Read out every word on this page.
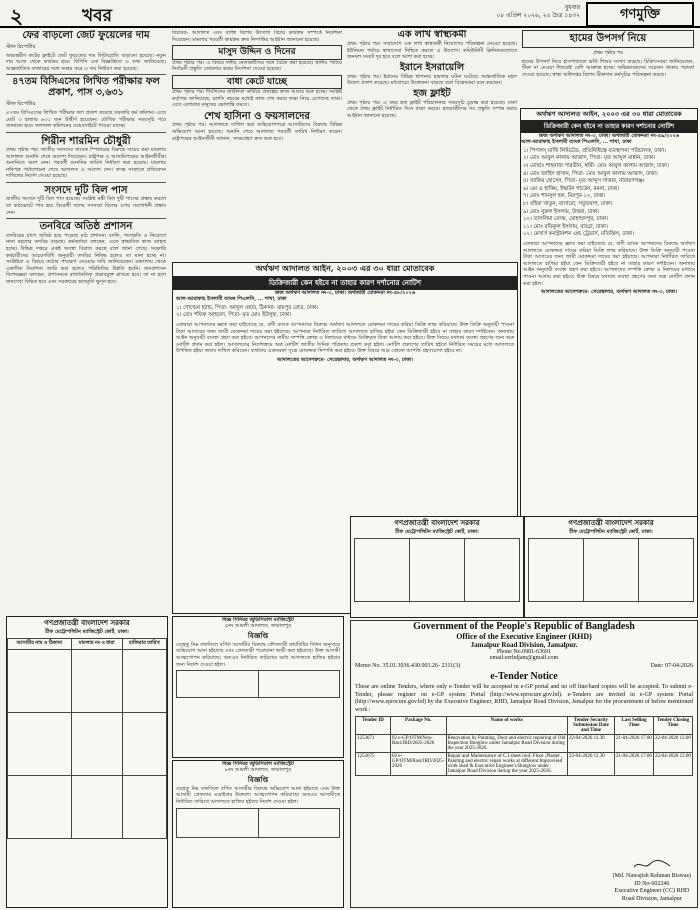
২	খবর	বুধবার
০৮ এপ্রিল ২০২৬, ২৫ চৈত্র ১৪৩২	গণমুক্তি
ফের বাড়লো জেট ফুয়েলের দাম
স্টাফ রিপোর্টার

অভ্যন্তরীণ রুটের ফ্লাইটে জেট ফুয়েলের দাম লিটারপ্রতি বাড়ানো হয়েছে। নতুন দাম আজ থেকে কার্যকর হবে। বিপিসি এক বিজ্ঞপ্তিতে এ তথ্য জানিয়েছে। আন্তর্জাতিক বাজারের সঙ্গে সমন্বয় করে এ দাম নির্ধারণ করা হয়েছে।

৪৭তম বিসিএসের লিখিত পরীক্ষার ফল প্রকাশ, পাস ৩,৬৩১
স্টাফ রিপোর্টার

৪৭তম বিসিএসের লিখিত পরীক্ষার ফল প্রকাশ করেছে সরকারি কর্ম কমিশন। এতে মোট ৩ হাজার ৬৩১ জন উত্তীর্ণ হয়েছেন। মৌখিক পরীক্ষার সময়সূচি পরে জানানো হবে। ফলাফল কমিশনের ওয়েবসাইটে পাওয়া যাচ্ছে।

শিরীন শারমিন চৌধুরী

প্রথম পৃষ্ঠার পর। জাতীয় সংসদের সাবেক স্পিকারের বিরুদ্ধে দায়ের করা মামলায় আদালত শুনানি শেষে আদেশ দিয়েছেন। রাষ্ট্রপক্ষ ও আসামিপক্ষের আইনজীবীরা শুনানিতে অংশ নেন। পরবর্তী শুনানির তারিখ নির্ধারণ করা হয়েছে। মামলার নথিপত্র পর্যালোচনা শেষে আদালত এ আদেশ দেন। তদন্ত সংস্থাকে প্রতিবেদন দাখিলের নির্দেশ দেওয়া হয়েছে।

সংসদে দুটি বিল পাস

জাতীয় সংসদে দুটি বিল পাস হয়েছে। সংশ্লিষ্ট মন্ত্রী বিল দুটি পাসের প্রস্তাব করলে তা কণ্ঠভোটে পাস হয়। বিরোধী দলের সদস্যরা বিলের ওপর সংশোধনী প্রস্তাব দেন।

তনবিরে অতিষ্ঠ প্রশাসন

তদবিরের চাপে অতিষ্ঠ হয়ে পড়েছে মাঠ প্রশাসন। বদলি, পদোন্নতি ও নিয়োগে নানা মহলের তদবির বাড়ছে। কর্মকর্তারা বলছেন, এতে স্বাভাবিক কাজ ব্যাহত হচ্ছে। বিভিন্ন দপ্তরে একই অবস্থা বিরাজ করছে বলে জানা গেছে। সরকারি কর্মচারীদের আচরণবিধি অনুযায়ী তদবির নিষিদ্ধ হলেও তা মানা হচ্ছে না। সংশ্লিষ্টরা এ বিষয়ে কঠোর পদক্ষেপ নেওয়ার দাবি জানিয়েছেন। মন্ত্রণালয় থেকে একাধিক নির্দেশনা জারি করা হলেও পরিস্থিতির উন্নতি হয়নি। জনপ্রশাসন বিশেষজ্ঞরা বলছেন, প্রশাসনকে রাজনৈতিক প্রভাবমুক্ত রাখতে হবে। তা না হলে জনসেবা বিঘ্নিত হবে এবং সরকারের ভাবমূর্তি ক্ষুণ্ন হবে।

বিচারক: আদালত এবং ব্যক্তি বিশেষ উদ্যোগ বিচার কার্যক্রম সম্পর্কে নির্দেশনা দিয়েছেন। মামলার পরবর্তী কার্যক্রম দ্রুত নিষ্পত্তির আহ্বান জানানো হয়েছে।

মাসুদ উদ্দিন ও দিনের

প্রথম পৃষ্ঠার পর। এ বিষয়ে দলীয় নেতাকর্মীদের সঙ্গে বৈঠক করা হয়েছে। স্থানীয় পর্যায়ে নির্বাচনী প্রস্তুতি জোরদার করার নির্দেশনা দেওয়া হয়েছে।

বাধা কেটে যাচ্ছে

প্রথম পৃষ্ঠার পর। দীর্ঘদিনের জটিলতা কাটিয়ে প্রকল্পের কাজ আবার শুরু হচ্ছে। সংশ্লিষ্ট কর্তৃপক্ষ জানিয়েছে, চলতি বছরের মধ্যেই কাজ শেষ করার লক্ষ্য নিয়ে এগোচ্ছে তারা। এতে এলাকার মানুষের ভোগান্তি কমবে।

শেখ হাসিনা ও ফয়সালদের

প্রথম পৃষ্ঠার পর। আদালতে দাখিল করা অভিযোগপত্রে আসামিদের বিরুদ্ধে বিভিন্ন অভিযোগ আনা হয়েছে। শুনানি শেষে আদালত পরবর্তী তারিখ নির্ধারণ করেন। রাষ্ট্রপক্ষের আইনজীবী জানান, সাক্ষ্যগ্রহণ দ্রুত শুরু হবে।

এক লাখ স্বাস্থ্যকর্মী

প্রথম পৃষ্ঠার পর। সারাদেশে এক লাখ স্বাস্থ্যকর্মী নিয়োগের পরিকল্পনা নেওয়া হয়েছে। ইউনিয়ন পর্যায়ে স্বাস্থ্যসেবা নিশ্চিত করতে এ উদ্যোগ। কমিউনিটি ক্লিনিকগুলোতে জনবল সংকট দূর হবে বলে আশা করা হচ্ছে।

ইরানে ইসরায়েলি

প্রথম পৃষ্ঠার পর। ইরানের বিভিন্ন স্থাপনায় হামলার ঘটনা ঘটেছে। আন্তর্জাতিক মহল উদ্বেগ প্রকাশ করেছে। মধ্যপ্রাচ্যে উত্তেজনা বাড়ছে বলে বিশ্লেষকরা মনে করছেন।

হজ ফ্লাইট

প্রথম পৃষ্ঠার পর। এ বছর হজ ফ্লাইট পরিচালনার সময়সূচি চূড়ান্ত করা হয়েছে। ঢাকা থেকে প্রথম ফ্লাইট নির্ধারিত দিনে যাত্রা করবে। হজযাত্রীদের সব প্রস্তুতি সম্পন্ন করার আহ্বান জানানো হয়েছে।

হামের উপসর্গ নিয়ে
প্রথম পৃষ্ঠার পর

হামের উপসর্গ নিয়ে হাসপাতালে ভর্তি শিশুর সংখ্যা বাড়ছে। চিকিৎসকরা জানিয়েছেন, টিকা না নেওয়া শিশুরাই বেশি আক্রান্ত হচ্ছে। অভিভাবকদের সচেতন থাকার পরামর্শ দেওয়া হয়েছে। স্বাস্থ্য অধিদপ্তর বিশেষ টিকাদান কর্মসূচির পরিকল্পনা করছে।

অর্থঋণ আদালত আইন, ২০০৩ এর ৩০ ধারা মোতাবেক
ডিক্রিজারী কেন হইবে না তাহার কারণ দর্শানোর নোটিশ
জজ অর্থঋণ আদালত নং-৩, ঢাকা। অর্থজারী মোকদ্দমা নং-৪৯/২০২৬
আল-আরাফাহ ইসলামী ব্যাংক পিএলসি, ... শাখা, ঢাকা
১। পিপলস্ মাল্টি লিমিটেড, প্রতিনিধিত্বে ব্যবস্থাপনা পরিচালক, ঢাকা।
২। মোঃ আবুল কালাম আজাদ, পিতা- মৃত আব্দুল মান্নান, ঢাকা।
৩। মোছাঃ শাহনাজ পারভীন, স্বামী- মোঃ আবুল কালাম আজাদ, ঢাকা।
৪। মোঃ জাহিদ হাসান, পিতা- মোঃ আবুল কালাম আজাদ, ঢাকা।
৫। জাকির হোসেন, পিতা- মৃত আব্দুস সাত্তার, নারায়ণগঞ্জ।
৬। এম এ হাকিম, ইস্কাটন গার্ডেন, রমনা, ঢাকা।
৭। মোঃ শামসুল হক, মিরপুর-১০, ঢাকা।
৮। রহিমা খাতুন, বাসাবো, সবুজবাগ, ঢাকা।
৯। মোঃ নুরুল ইসলাম, উত্তরা, ঢাকা।
১০। তাসলিমা বেগম, মোহাম্মদপুর, ঢাকা।
১১। মোঃ রফিকুল ইসলাম, বাড্ডা, ঢাকা।
১২। মেসার্স কনস্ট্রাকশন এন্ড ট্রেডার্স, মতিঝিল, ঢাকা।

এতদ্বারা আপনাদের জ্ঞাত করা যাইতেছে যে, বাদী ব্যাংক আপনাদের বিরুদ্ধে অর্থঋণ আদালতে মোকদ্দমা দায়ের করিয়া ডিক্রি লাভ করিয়াছে। উক্ত ডিক্রি অনুযায়ী পাওনা টাকা আদায়ের জন্য জারী মোকদ্দমা দায়ের করা হইয়াছে। আপনারা নির্ধারিত তারিখে আদালতে হাজির হইয়া কেন ডিক্রিজারী হইবে না তাহার কারণ দর্শাইবেন। অন্যথায় আইন অনুযায়ী ব্যবস্থা গ্রহণ করা হইবে। আপনাদের সম্পত্তি ক্রোক ও নিলামের মাধ্যমে পাওনা আদায় করা হইবে। উক্ত বিষয়ে যথাযথ ব্যবস্থা গ্রহণের জন্য অত্র নোটিশ প্রদান করা হইল।

আদালতের আদেশক্রমে- সেরেস্তাদার, অর্থঋণ আদালত নং-৩, ঢাকা।
অর্থঋণ আদালত আইন, ২০০৩ এর ৩০ ধারা মোতাবেক
ডিক্রিজারী কেন হইবে না তাহার কারণ দর্শানোর নোটিশ
জজ অর্থঋণ আদালত নং-৩, ঢাকা। অর্থজারী মোকদ্দমা নং-৪৮/২০২৬
আল-আরাফাহ ইসলামী ব্যাংক পিএলসি, ... শাখা, ঢাকা
১। গোল্ডেন হ্যান্ড, পিতা- আব্দুল ওহাব, ঠিকানা- রায়পুর রোড, ঢাকা।
২। মোঃ শফিক আহমেদ, পিতা- মৃত মোঃ ইউসুফ, ঢাকা।

এতদ্বারা আপনাদের জ্ঞাত করা যাইতেছে যে, বাদী ব্যাংক আপনাদের বিরুদ্ধে অর্থঋণ আদালতে মোকদ্দমা দায়ের করিয়া ডিক্রি লাভ করিয়াছে। উক্ত ডিক্রি অনুযায়ী পাওনা টাকা আদায়ের জন্য জারী মোকদ্দমা দায়ের করা হইয়াছে। আপনারা নির্ধারিত তারিখে আদালতে হাজির হইয়া কেন ডিক্রিজারী হইবে না তাহার কারণ দর্শাইবেন। অন্যথায় আইন অনুযায়ী ব্যবস্থা গ্রহণ করা হইবে। আপনাদের নামীয় সম্পত্তি ক্রোক ও নিলামের মাধ্যমে ডিক্রিকৃত টাকা আদায় করা হইবে। উক্ত বিষয়ে যথাযথ ব্যবস্থা গ্রহণের জন্য অত্র নোটিশ প্রদান করা হইল। আদালতের নির্দেশক্রমে অত্র নোটিশ জাতীয় দৈনিক পত্রিকায় প্রকাশ করা হইল। নোটিশ প্রকাশের তারিখ হইতে নির্ধারিত সময়ের মধ্যে আদালতে উপস্থিত হইয়া জবাব দাখিল করিবেন। ব্যর্থতায় একতরফা সূত্রে মোকদ্দমা নিষ্পত্তি করা হইবে। উক্ত বিষয়ে আর কোনো আপত্তি গ্রহণযোগ্য হইবে না।

আদালতের আদেশক্রমে- সেরেস্তাদার, অর্থঋণ আদালত নং-৩, ঢাকা।
গণপ্রজাতন্ত্রী বাংলাদেশ সরকার
চীফ মেট্রোপলিটন ম্যাজিস্ট্রেট কোর্ট, ঢাকা।
আসামীর নাম ও ঠিকানা	মামলার নং ও ধারা	হাজিরার তারিখ

বিজ্ঞ সিনিয়র জুডিসিয়াল ম্যাজিস্ট্রেট
৫নং আমলী আদালত, জামালপুর
বিজ্ঞপ্তি

যেহেতু নিম্ন তফসিলে বর্ণিত আসামীর বিরুদ্ধে ফৌজদারী কার্যবিধির বিধান অনুসারে অভিযোগ আনা হইয়াছে এবং গ্রেফতারী পরোয়ানা জারী করা হইয়াছে। উক্ত আসামী আত্মগোপন করিয়াছে। অতএব নির্ধারিত তারিখের মধ্যে আদালতে হাজির হইবার জন্য নির্দেশ দেওয়া হইল।

বিজ্ঞ সিনিয়র জুডিসিয়াল ম্যাজিস্ট্রেট
৮নং আমলী আদালত, জামালপুর
বিজ্ঞপ্তি

যেহেতু নিম্ন তফসিলে বর্ণিত আসামীর বিরুদ্ধে অভিযোগ আনা হইয়াছে এবং উক্ত আসামী গ্রেফতার এড়াইবার উদ্দেশ্যে আত্মগোপন করিয়াছে। অতএব আসামীকে নির্ধারিত তারিখে আদালতে হাজির হইবার নির্দেশ দেওয়া হইল।

গণপ্রজাতন্ত্রী বাংলাদেশ সরকার
চীফ মেট্রোপলিটন ম্যাজিস্ট্রেট কোর্ট, ঢাকা।

গণপ্রজাতন্ত্রী বাংলাদেশ সরকার
চীফ মেট্রোপলিটন ম্যাজিস্ট্রেট কোর্ট, ঢাকা।

Government of the People's Republic of Bangladesh
Office of the Executive Engineer (RHD)
Jamalpur Road Division, Jamalpur.
Phone No.0981-63691
email:eerhdjam@gmail.com
Memo No. 35.01.3936.430.003.26- 2311(3)	Date: 07-04-2026
e-Tender Notice

These are online Tenders, where only e-Tender will be accepted in e-GP portal and no off line/hard copies will be accepted. To submit e-Tender, please register on e-GP system Portal (http://www.eprocure.gov.bd). e-Tenders are invited in e-GP system Portal (http://www.eprocure.gov.bd) by the Executive Engineer, RHD, Jamalpur Road Division, Jamalpur for the procurement of below mentioned work :

Tender ID	Package No.	Name of works	Tender Security Submission Date and Time	Last Selling Time	Tender Closing Time
1253671	02 e-GP/OTM/Non-Rasi/JRD/2025-2026	Renovation by Painting, Door and electric repairing of Old Inspection Bunglow under Jamalpur Road Division during the year 2025-2026.	22-04-2026 11.30	21-04-2026 17.00	22-04-2026 12.00
1253675	02 e-GP/OTM/Rasi/JRD/2025-2026	Repair and Maintenance of C.I sheet roof, Floor ,Plaster , Painting and electric repair works at different Improvised work shed & Executive Engineer's Bunglow under Jamalpur Road Division during the year 2025-2026.	22-04-2026 11.30	21-04-2026 17.00	22-04-2026 12.00
(Md. Nawajish Rahman Biswas)
ID No-602246
Executive Engineer (CC) RHD
Road Division, Jamalpur
